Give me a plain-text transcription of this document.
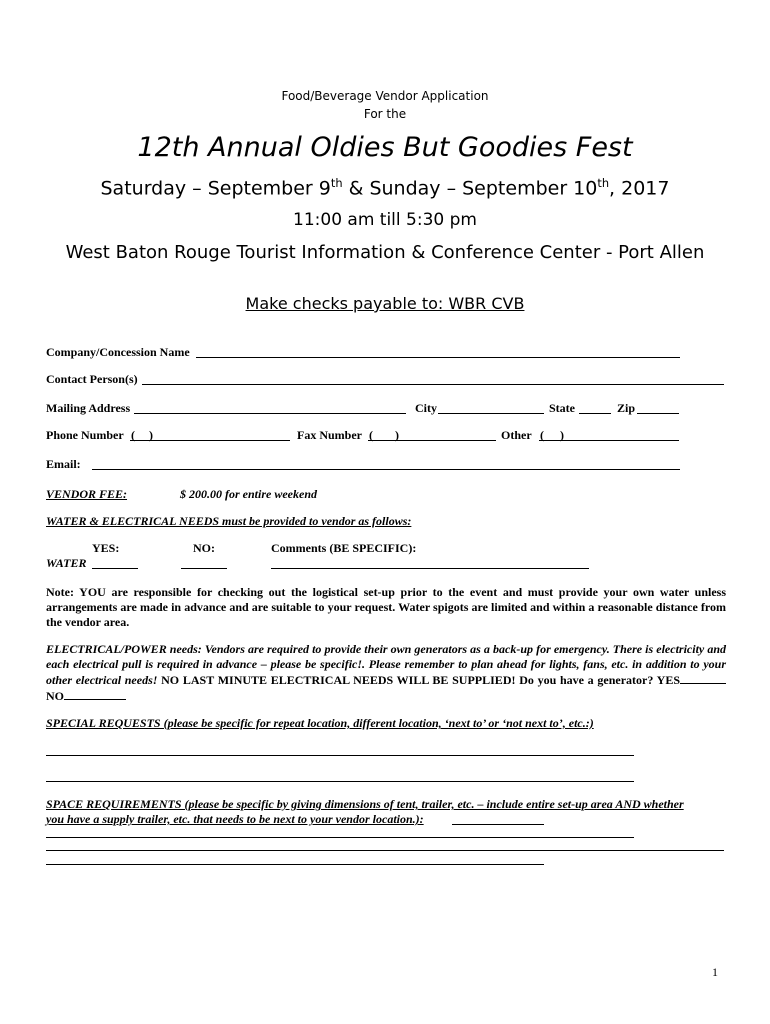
Food/Beverage Vendor Application
For the
12th Annual Oldies But Goodies Fest
Saturday – September 9th & Sunday – September 10th, 2017
11:00 am till 5:30 pm
West Baton Rouge Tourist Information & Conference Center - Port Allen
Make checks payable to: WBR CVB
Company/Concession Name
Contact Person(s)
Mailing Address	City	State	Zip
Phone Number ( )	Fax Number ( )	Other ( )
Email:
VENDOR FEE:	$ 200.00 for entire weekend
WATER & ELECTRICAL NEEDS must be provided to vendor as follows:
YES:	NO:	Comments (BE SPECIFIC):
WATER
Note: YOU are responsible for checking out the logistical set-up prior to the event and must provide your own water unless arrangements are made in advance and are suitable to your request. Water spigots are limited and within a reasonable distance from the vendor area.
ELECTRICAL/POWER needs: Vendors are required to provide their own generators as a back-up for emergency. There is electricity and each electrical pull is required in advance – please be specific!. Please remember to plan ahead for lights, fans, etc. in addition to your other electrical needs! NO LAST MINUTE ELECTRICAL NEEDS WILL BE SUPPLIED! Do you have a generator? YES NO
SPECIAL REQUESTS (please be specific for repeat location, different location, ‘next to’ or ‘not next to’, etc.:)
SPACE REQUIREMENTS (please be specific by giving dimensions of tent, trailer, etc. – include entire set-up area AND whether
you have a supply trailer, etc. that needs to be next to your vendor location.):
1
